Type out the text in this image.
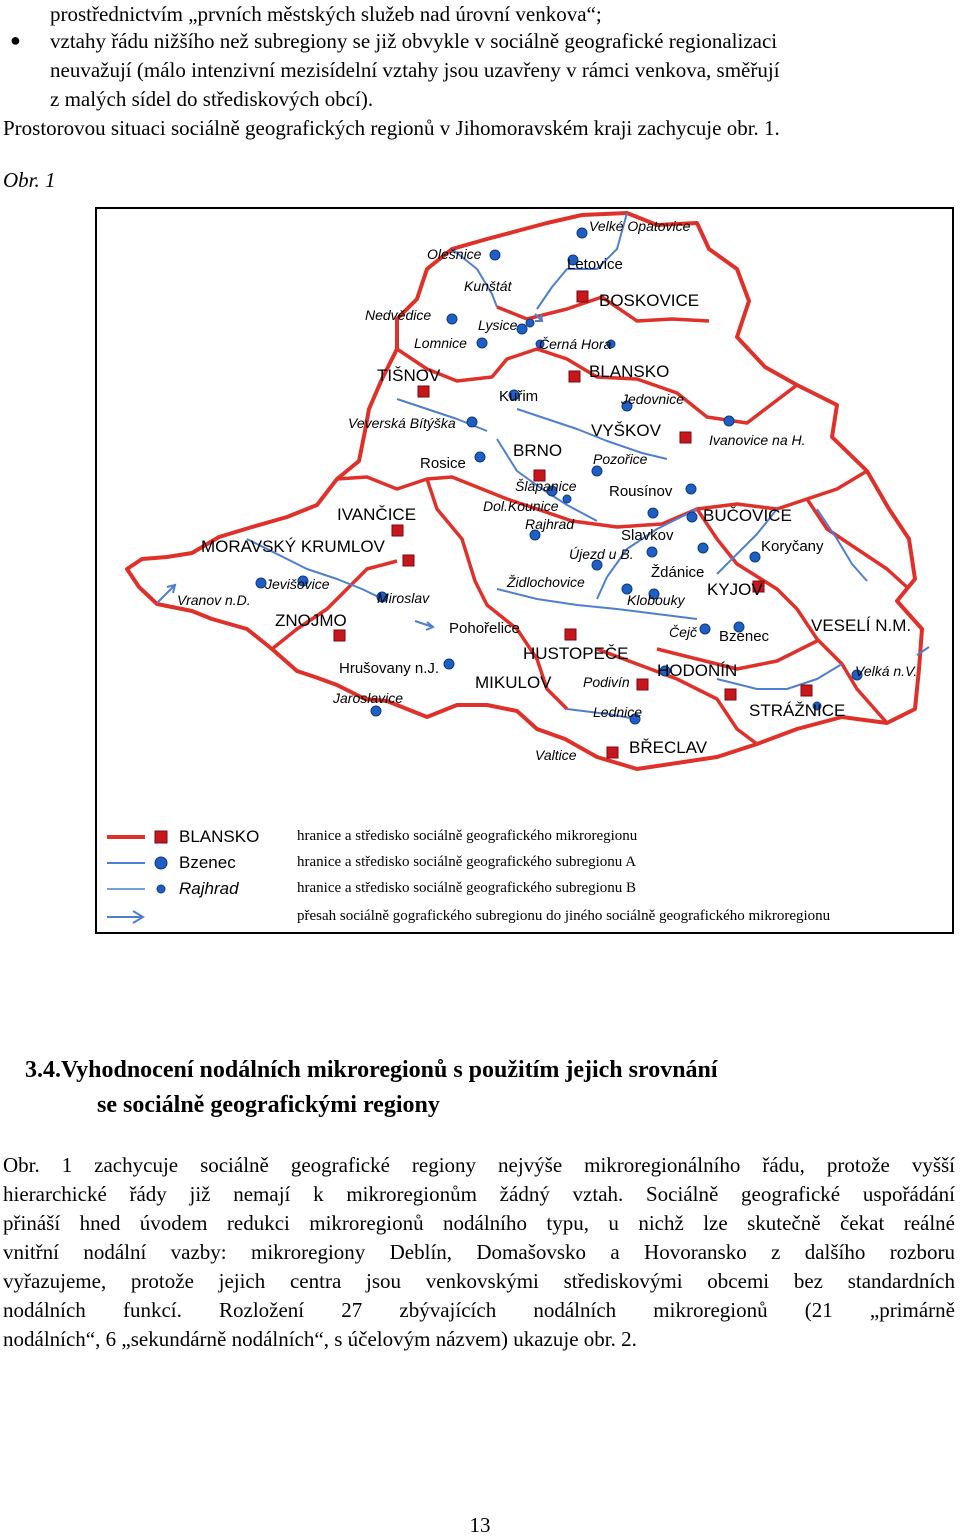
prostřednictvím „prvních městských služeb nad úrovní venkova“;
● vztahy řádu nižšího než subregiony se již obvykle v sociálně geografické regionalizaci
neuvažují (málo intenzivní mezisídelní vztahy jsou uzavřeny v rámci venkova, směřují
z malých sídel do střediskových obcí).
Prostorovou situaci sociálně geografických regionů v Jihomoravském kraji zachycuje obr. 1.
Obr. 1
Velké Opatovice
Olešnice
Letovice
Kunštát
BOSKOVICE
Nedvědice
Lysice
Lomnice	Černá Hora
TIŠNOV	BLANSKO
Kuřim	Jedovnice
Veverská Bítýška	VYŠKOV	Ivanovice na H.
BRNO
Rosice	Pozořice
Šlapanice Rousínov
IVANČICE	Dol.Kounice	BUČOVICE
Rajhrad
Slavkov
MORAVSKÝ KRUMLOV	Újezd u B.	Koryčany
Ždánice
Jevišovice	Židlochovice	KYJOV
Vranov n.D.	Miroslav	Klobouky
ZNOJMO	Pohořelice	Čejč Bzenec
VESELÍ N.M.
HUSTOPEČE
Hrušovany n.J.	HODONÍN	Velká n.V.
MIKULOV Podivín
Jaroslavice
Lednice	STRÁŽNICE
Valtice	BŘECLAV
BLANSKO	hranice a středisko sociálně geografického mikroregionu
Bzenec	hranice a středisko sociálně geografického subregionu A
Rajhrad	hranice a středisko sociálně geografického subregionu B
přesah sociálně gografického subregionu do jiného sociálně geografického mikroregionu
3.4.Vyhodnocení nodálních mikroregionů s použitím jejich srovnání
se sociálně geografickými regiony
Obr. 1 zachycuje sociálně geografické regiony nejvýše mikroregionálního řádu, protože vyšší
hierarchické řády již nemají k mikroregionům žádný vztah. Sociálně geografické uspořádání
přináší hned úvodem redukci mikroregionů nodálního typu, u nichž lze skutečně čekat reálné
vnitřní nodální vazby: mikroregiony Deblín, Domašovsko a Hovoransko z dalšího rozboru
vyřazujeme, protože jejich centra jsou venkovskými střediskovými obcemi bez standardních
nodálních funkcí. Rozložení 27 zbývajících nodálních mikroregionů (21 „primárně
nodálních“, 6 „sekundárně nodálních“, s účelovým názvem) ukazuje obr. 2.
13
